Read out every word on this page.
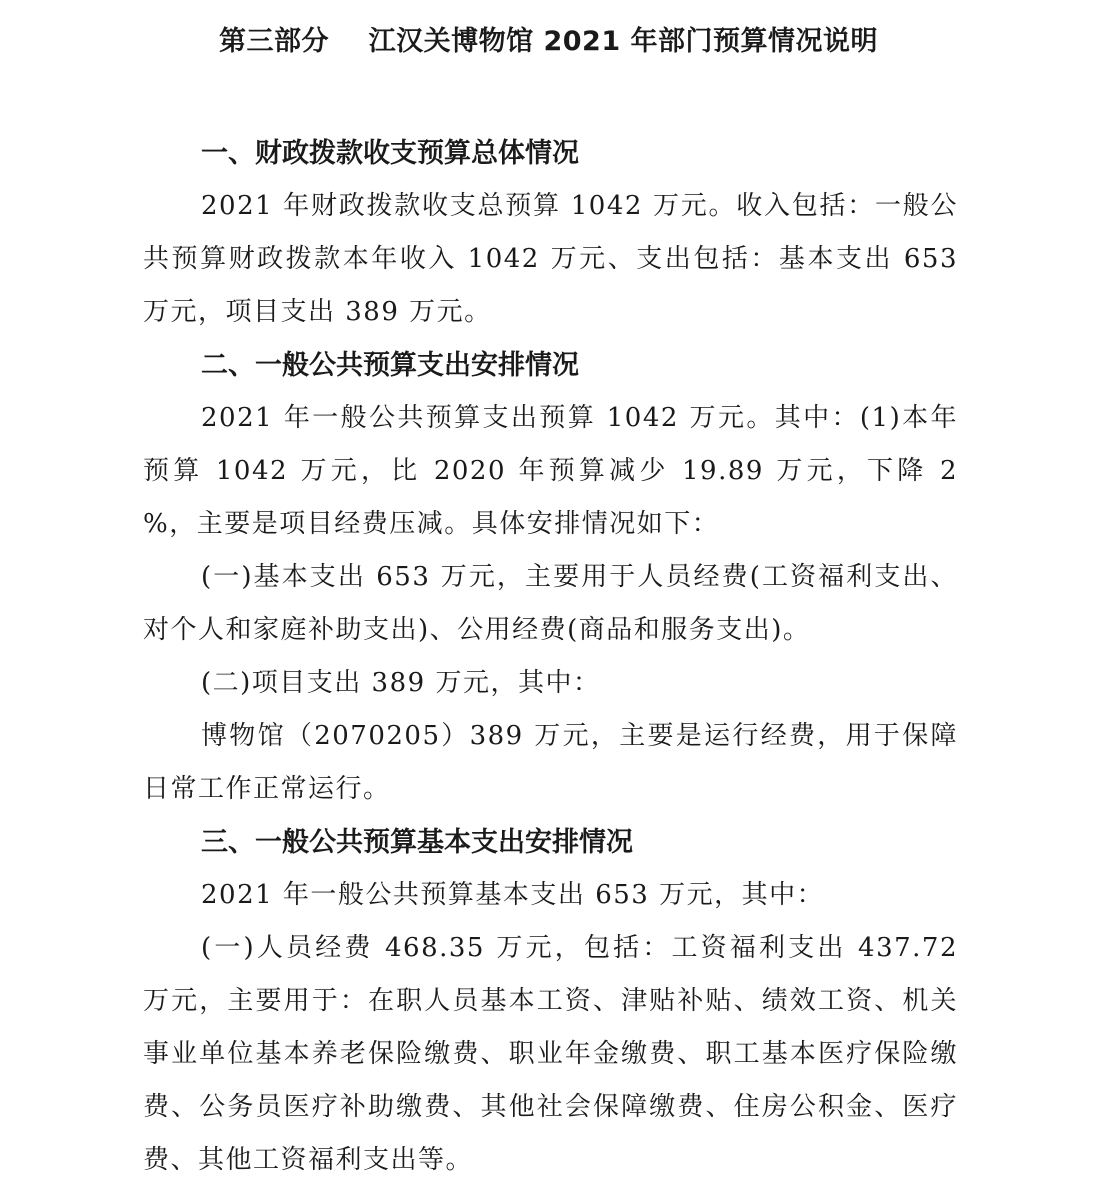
第三部分    江汉关博物馆 2021 年部门预算情况说明
一、财政拨款收支预算总体情况

2021 年财政拨款收支总预算 1042 万元。收入包括：一般公共预算财政拨款本年收入 1042 万元、支出包括：基本支出 653 万元，项目支出 389 万元。

二、一般公共预算支出安排情况

2021 年一般公共预算支出预算 1042 万元。其中：(1)本年预算 1042 万元，比 2020 年预算减少 19.89 万元，下降 2 %，主要是项目经费压减。具体安排情况如下：

(一)基本支出 653 万元，主要用于人员经费(工资福利支出、对个人和家庭补助支出)、公用经费(商品和服务支出)。

(二)项目支出 389 万元，其中：

博物馆（2070205）389 万元，主要是运行经费，用于保障日常工作正常运行。

三、一般公共预算基本支出安排情况

2021 年一般公共预算基本支出 653 万元，其中：

(一)人员经费 468.35 万元，包括：工资福利支出 437.72 万元，主要用于：在职人员基本工资、津贴补贴、绩效工资、机关事业单位基本养老保险缴费、职业年金缴费、职工基本医疗保险缴费、公务员医疗补助缴费、其他社会保障缴费、住房公积金、医疗费、其他工资福利支出等。
